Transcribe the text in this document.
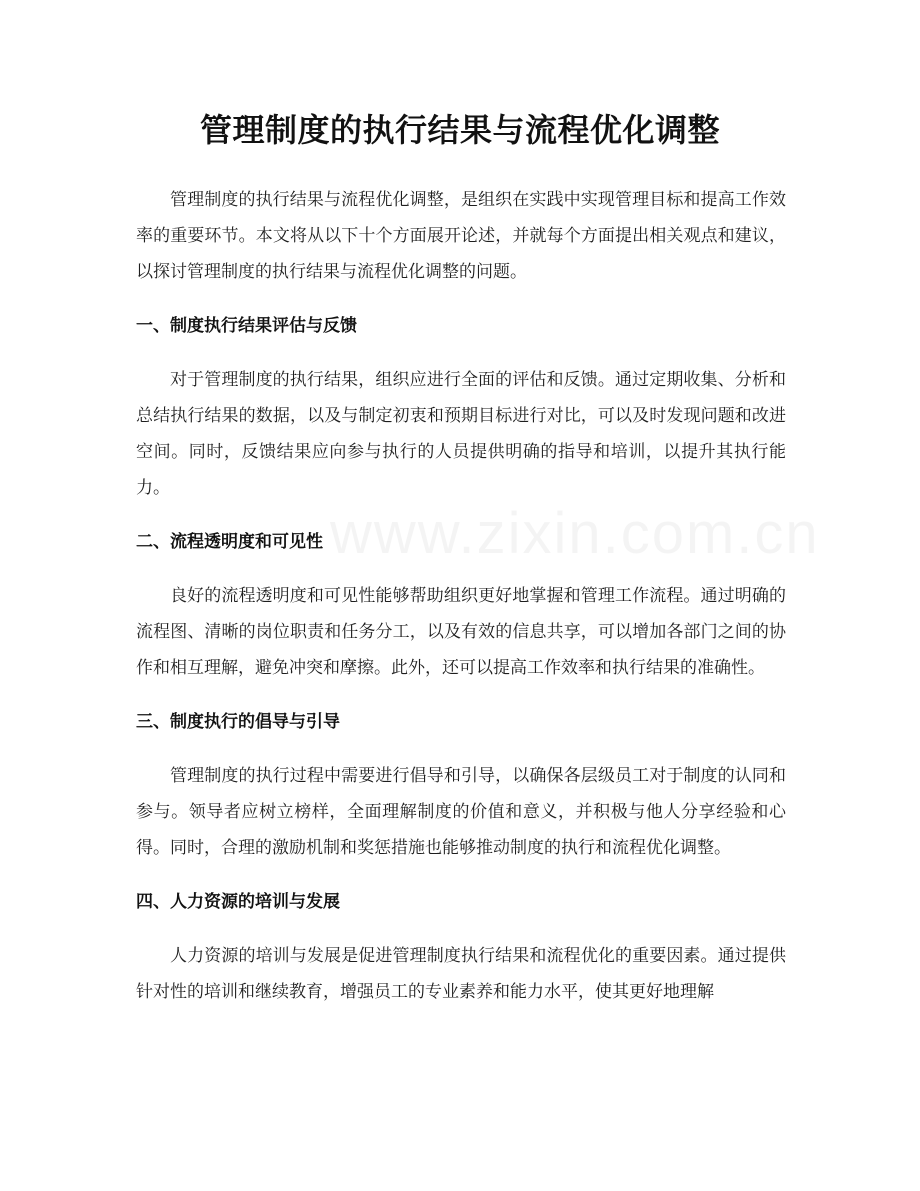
管理制度的执行结果与流程优化调整

管理制度的执行结果与流程优化调整，是组织在实践中实现管理目标和提高工作效率的重要环节。本文将从以下十个方面展开论述，并就每个方面提出相关观点和建议，以探讨管理制度的执行结果与流程优化调整的问题。

一、制度执行结果评估与反馈

对于管理制度的执行结果，组织应进行全面的评估和反馈。通过定期收集、分析和总结执行结果的数据，以及与制定初衷和预期目标进行对比，可以及时发现问题和改进空间。同时，反馈结果应向参与执行的人员提供明确的指导和培训，以提升其执行能力。

二、流程透明度和可见性

良好的流程透明度和可见性能够帮助组织更好地掌握和管理工作流程。通过明确的流程图、清晰的岗位职责和任务分工，以及有效的信息共享，可以增加各部门之间的协作和相互理解，避免冲突和摩擦。此外，还可以提高工作效率和执行结果的准确性。

三、制度执行的倡导与引导

管理制度的执行过程中需要进行倡导和引导，以确保各层级员工对于制度的认同和参与。领导者应树立榜样，全面理解制度的价值和意义，并积极与他人分享经验和心得。同时，合理的激励机制和奖惩措施也能够推动制度的执行和流程优化调整。

四、人力资源的培训与发展

人力资源的培训与发展是促进管理制度执行结果和流程优化的重要因素。通过提供针对性的培训和继续教育，增强员工的专业素养和能力水平，使其更好地理解
